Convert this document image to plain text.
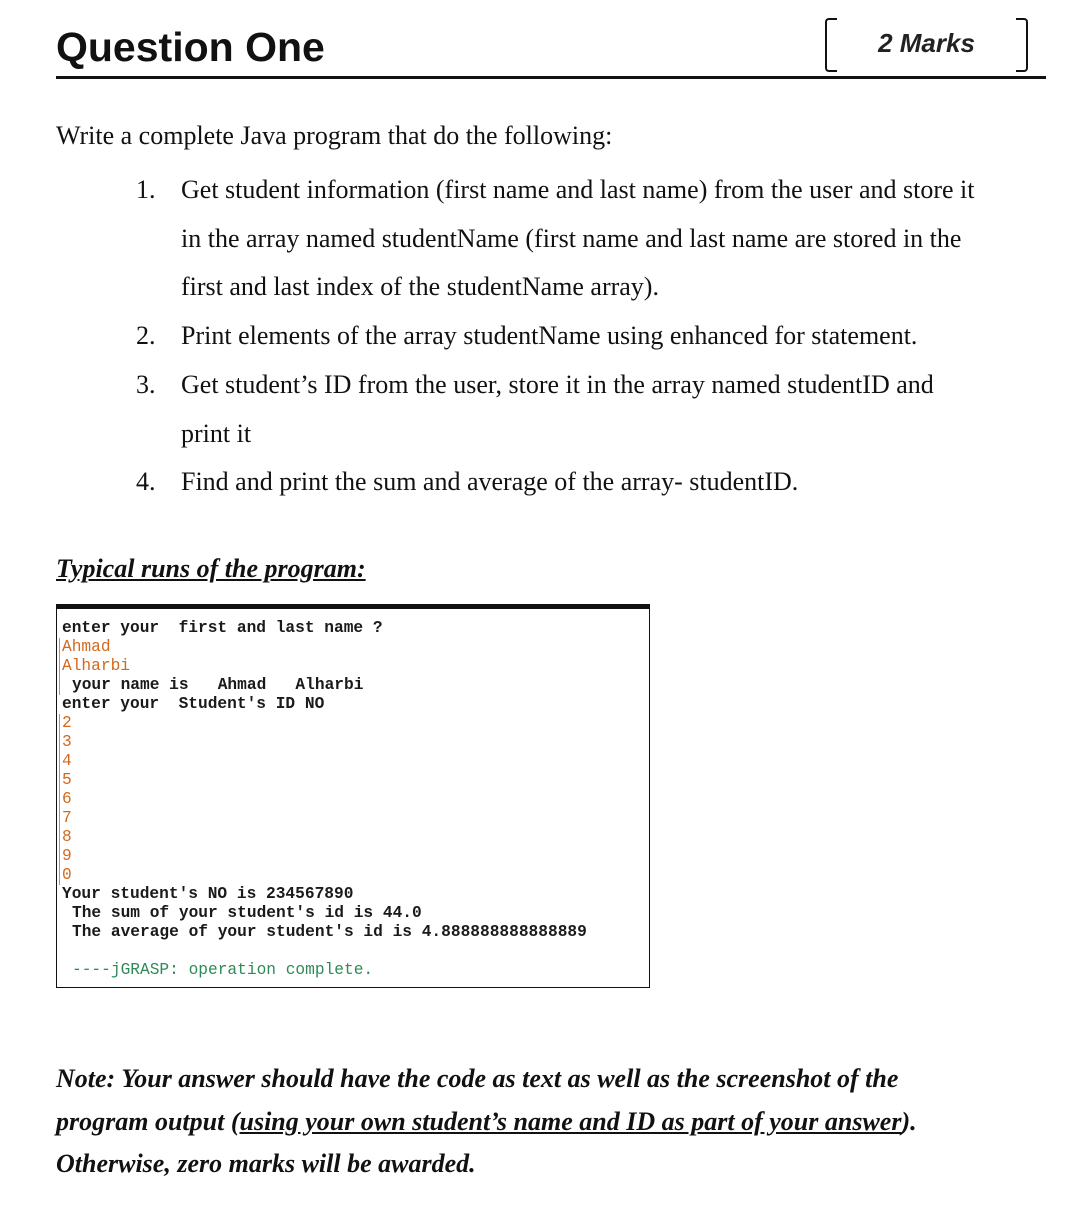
Question One	2 Marks
Write a complete Java program that do the following:
1. Get student information (first name and last name) from the user and store it
in the array named studentName (first name and last name are stored in the
first and last index of the studentName array).
2. Print elements of the array studentName using enhanced for statement.
3. Get student’s ID from the user, store it in the array named studentID and
print it
4. Find and print the sum and average of the array- studentID.
Typical runs of the program:
enter your  first and last name ?
Ahmad
Alharbi
your name is   Ahmad   Alharbi
enter your  Student's ID NO
2
3
4
5
6
7
8
9
0
Your student's NO is 234567890
The sum of your student's id is 44.0
The average of your student's id is 4.888888888888889
----jGRASP: operation complete.
Note: Your answer should have the code as text as well as the screenshot of the
program output (using your own student’s name and ID as part of your answer).
Otherwise, zero marks will be awarded.
